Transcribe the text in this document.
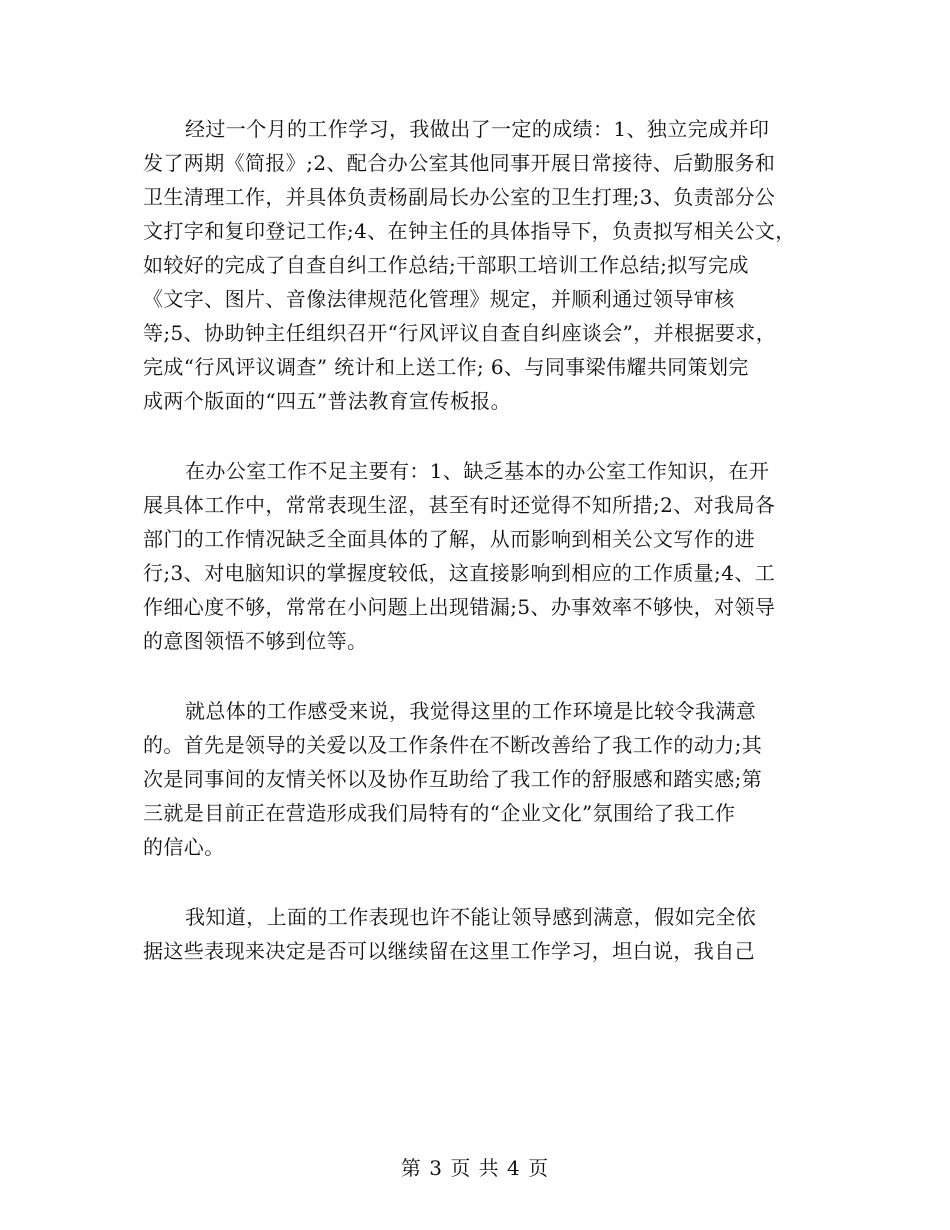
经过一个月的工作学习，我做出了一定的成绩：1、独立完成并印
发了两期《简报》;2、配合办公室其他同事开展日常接待、后勤服务和
卫生清理工作，并具体负责杨副局长办公室的卫生打理;3、负责部分公
文打字和复印登记工作;4、在钟主任的具体指导下，负责拟写相关公文，
如较好的完成了自查自纠工作总结;干部职工培训工作总结;拟写完成
《文字、图片、音像法律规范化管理》规定，并顺利通过领导审核
等;5、协助钟主任组织召开“行风评议自查自纠座谈会”，并根据要求，
完成“行风评议调查” 统计和上送工作; 6、与同事梁伟耀共同策划完
成两个版面的“四五”普法教育宣传板报。
在办公室工作不足主要有：1、缺乏基本的办公室工作知识，在开
展具体工作中，常常表现生涩，甚至有时还觉得不知所措;2、对我局各
部门的工作情况缺乏全面具体的了解，从而影响到相关公文写作的进
行;3、对电脑知识的掌握度较低，这直接影响到相应的工作质量;4、工
作细心度不够，常常在小问题上出现错漏;5、办事效率不够快，对领导
的意图领悟不够到位等。
就总体的工作感受来说，我觉得这里的工作环境是比较令我满意
的。首先是领导的关爱以及工作条件在不断改善给了我工作的动力;其
次是同事间的友情关怀以及协作互助给了我工作的舒服感和踏实感;第
三就是目前正在营造形成我们局特有的“企业文化”氛围给了我工作
的信心。
我知道，上面的工作表现也许不能让领导感到满意，假如完全依
据这些表现来决定是否可以继续留在这里工作学习，坦白说，我自己
第 3 页 共 4 页
